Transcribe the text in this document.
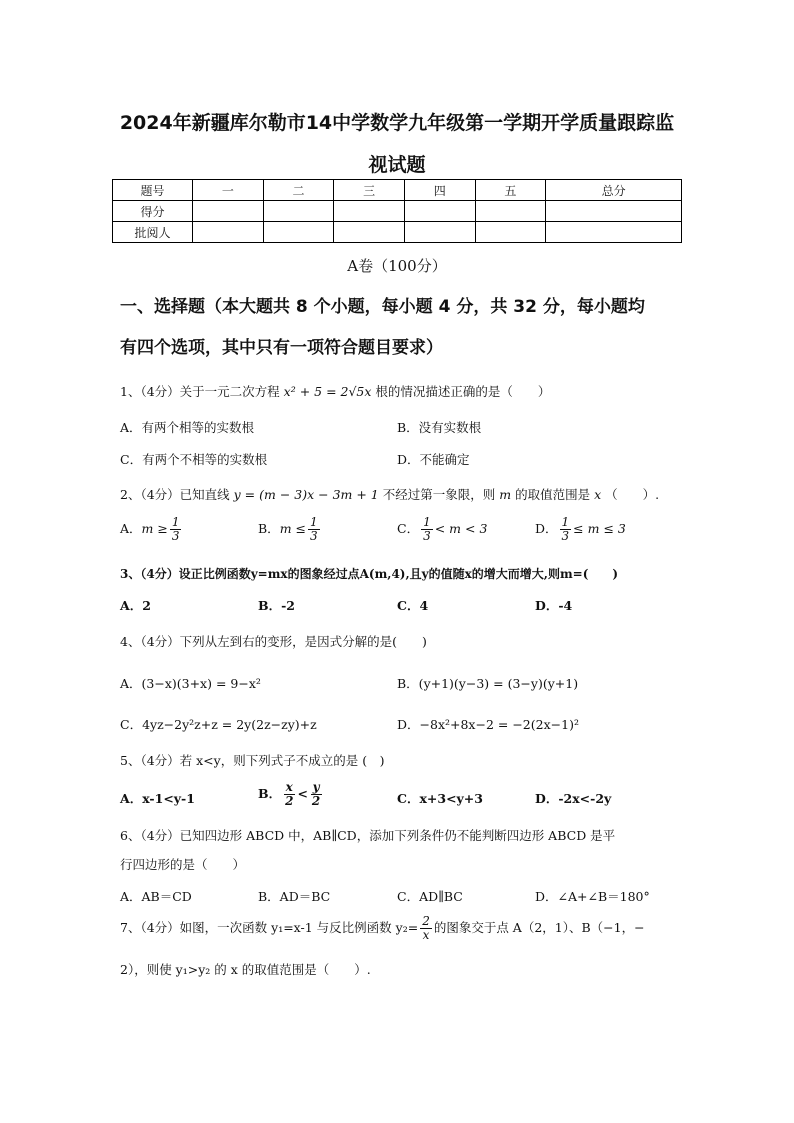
2024年新疆库尔勒市14中学数学九年级第一学期开学质量跟踪监
视试题
题号	一	二	三	四	五	总分
得分						
批阅人						
A卷（100分）
一、选择题（本大题共 8 个小题，每小题 4 分，共 32 分，每小题均
有四个选项，其中只有一项符合题目要求）
1、（4分）关于一元二次方程 x² + 5 = 2√5x 根的情况描述正确的是（　　）
A．有两个相等的实数根	B．没有实数根
C．有两个不相等的实数根	D．不能确定
2、（4分）已知直线 y = (m − 3)x − 3m + 1 不经过第一象限，则 m 的取值范围是 x （　　）.
A．$m \ge \frac{1}{3}$	B．$m \le \frac{1}{3}$	C． $\frac{1}{3} < m < 3$	D． $\frac{1}{3} \le m \le 3$
3、（4分）设正比例函数y=mx的图象经过点A(m,4),且y的值随x的增大而增大,则m=(　　)
A．2	B．-2	C．4	D．-4
4、（4分）下列从左到右的变形，是因式分解的是(　　)
A．(3−x)(3+x) = 9−x²	B．(y+1)(y−3) = (3−y)(y+1)
C．4yz−2y²z+z = 2y(2z−zy)+z	D．−8x²+8x−2 = −2(2x−1)²
5、（4分）若 x<y，则下列式子不成立的是 (　)
A．x-1<y-1	B． $\frac{x}{2} < \frac{y}{2}$	C．x+3<y+3	D．-2x<-2y
6、（4分）已知四边形 ABCD 中，AB∥CD，添加下列条件仍不能判断四边形 ABCD 是平
行四边形的是（　　）
A．AB＝CD	B．AD＝BC	C．AD∥BC	D．∠A+∠B＝180°
7、（4分）如图，一次函数 y₁=x-1 与反比例函数 $y_2= \frac{2}{x}$ 的图象交于点 A（2，1）、B（−1，−
2），则使 y₁>y₂ 的 x 的取值范围是（　　）.
